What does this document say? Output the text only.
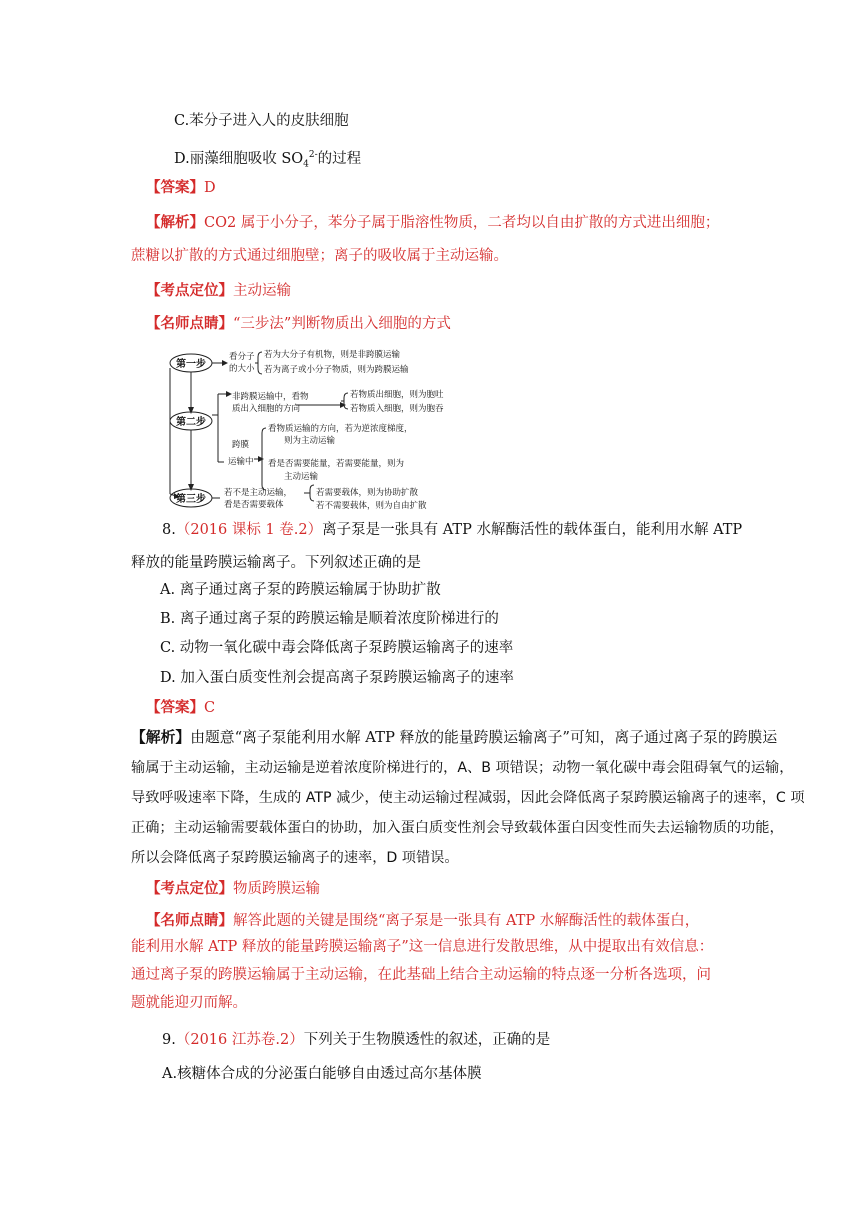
C.苯分子进入人的皮肤细胞
D.丽藻细胞吸收 $SO_4^{2-}$的过程
【答案】D
【解析】CO2 属于小分子，苯分子属于脂溶性物质，二者均以自由扩散的方式进出细胞；
蔗糖以扩散的方式通过细胞壁；离子的吸收属于主动运输。
【考点定位】主动运输
【名师点睛】“三步法”判断物质出入细胞的方式
第一步
第二步
第三步
看分子
的大小
若为大分子有机物，则是非跨膜运输
若为离子或小分子物质，则为跨膜运输
非跨膜运输中，看物
质出入细胞的方向
若物质出细胞，则为胞吐
若物质入细胞，则为胞吞
跨膜
运输中
看物质运输的方向，若为逆浓度梯度，
则为主动运输
看是否需要能量，若需要能量，则为
主动运输
若不是主动运输，
看是否需要载体
若需要载体，则为协助扩散
若不需要载体，则为自由扩散
8.（2016 课标 1 卷.2）离子泵是一张具有 ATP 水解酶活性的载体蛋白，能利用水解 ATP
释放的能量跨膜运输离子。下列叙述正确的是
A. 离子通过离子泵的跨膜运输属于协助扩散
B. 离子通过离子泵的跨膜运输是顺着浓度阶梯进行的
C. 动物一氧化碳中毒会降低离子泵跨膜运输离子的速率
D. 加入蛋白质变性剂会提高离子泵跨膜运输离子的速率
【答案】C
【解析】由题意“离子泵能利用水解 ATP 释放的能量跨膜运输离子”可知，离子通过离子泵的跨膜运
输属于主动运输，主动运输是逆着浓度阶梯进行的，A、B 项错误；动物一氧化碳中毒会阻碍氧气的运输，
导致呼吸速率下降，生成的 ATP 减少，使主动运输过程减弱，因此会降低离子泵跨膜运输离子的速率，C 项
正确；主动运输需要载体蛋白的协助，加入蛋白质变性剂会导致载体蛋白因变性而失去运输物质的功能，
所以会降低离子泵跨膜运输离子的速率，D 项错误。
【考点定位】物质跨膜运输
【名师点睛】解答此题的关键是围绕“离子泵是一张具有 ATP 水解酶活性的载体蛋白，
能利用水解 ATP 释放的能量跨膜运输离子”这一信息进行发散思维，从中提取出有效信息：
通过离子泵的跨膜运输属于主动运输，在此基础上结合主动运输的特点逐一分析各选项，问
题就能迎刃而解。
9.（2016 江苏卷.2）下列关于生物膜透性的叙述，正确的是
A.核糖体合成的分泌蛋白能够自由透过高尔基体膜
